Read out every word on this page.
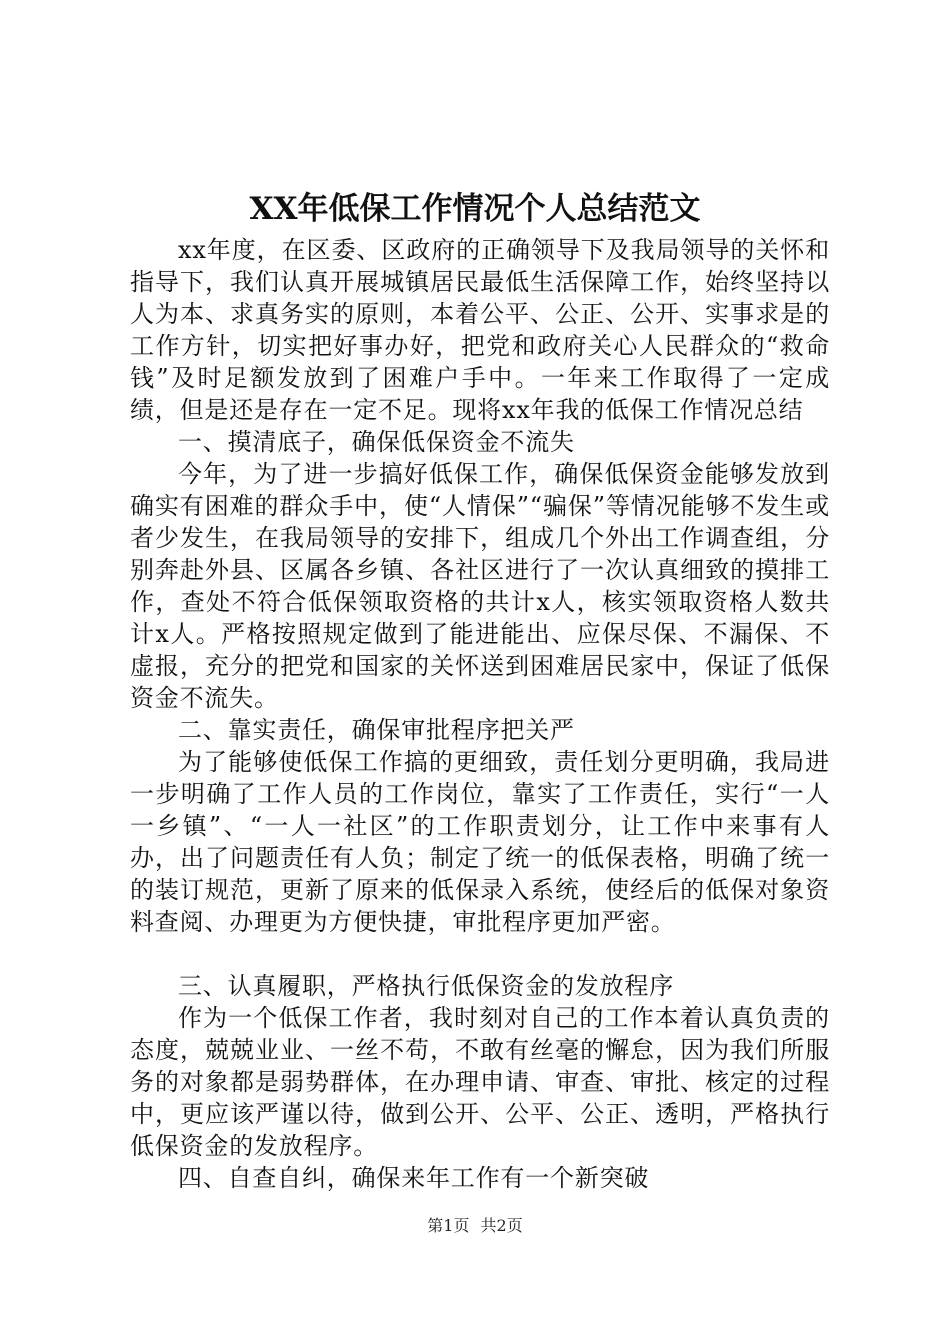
XX年低保工作情况个人总结范文

xx年度，在区委、区政府的正确领导下及我局领导的关怀和指导下，我们认真开展城镇居民最低生活保障工作，始终坚持以人为本、求真务实的原则，本着公平、公正、公开、实事求是的工作方针，切实把好事办好，把党和政府关心人民群众的“救命钱”及时足额发放到了困难户手中。一年来工作取得了一定成绩，但是还是存在一定不足。现将xx年我的低保工作情况总结

一、摸清底子，确保低保资金不流失

今年，为了进一步搞好低保工作，确保低保资金能够发放到确实有困难的群众手中，使“人情保”“骗保”等情况能够不发生或者少发生，在我局领导的安排下，组成几个外出工作调查组，分别奔赴外县、区属各乡镇、各社区进行了一次认真细致的摸排工作，查处不符合低保领取资格的共计x人，核实领取资格人数共计x人。严格按照规定做到了能进能出、应保尽保、不漏保、不虚报，充分的把党和国家的关怀送到困难居民家中，保证了低保资金不流失。

二、靠实责任，确保审批程序把关严

为了能够使低保工作搞的更细致，责任划分更明确，我局进一步明确了工作人员的工作岗位，靠实了工作责任，实行“一人一乡镇”、“一人一社区”的工作职责划分，让工作中来事有人办，出了问题责任有人负；制定了统一的低保表格，明确了统一的装订规范，更新了原来的低保录入系统，使经后的低保对象资料查阅、办理更为方便快捷，审批程序更加严密。

三、认真履职，严格执行低保资金的发放程序

作为一个低保工作者，我时刻对自己的工作本着认真负责的态度，兢兢业业、一丝不苟，不敢有丝毫的懈怠，因为我们所服务的对象都是弱势群体，在办理申请、审查、审批、核定的过程中，更应该严谨以待，做到公开、公平、公正、透明，严格执行低保资金的发放程序。

四、自查自纠，确保来年工作有一个新突破

第1页 共2页
